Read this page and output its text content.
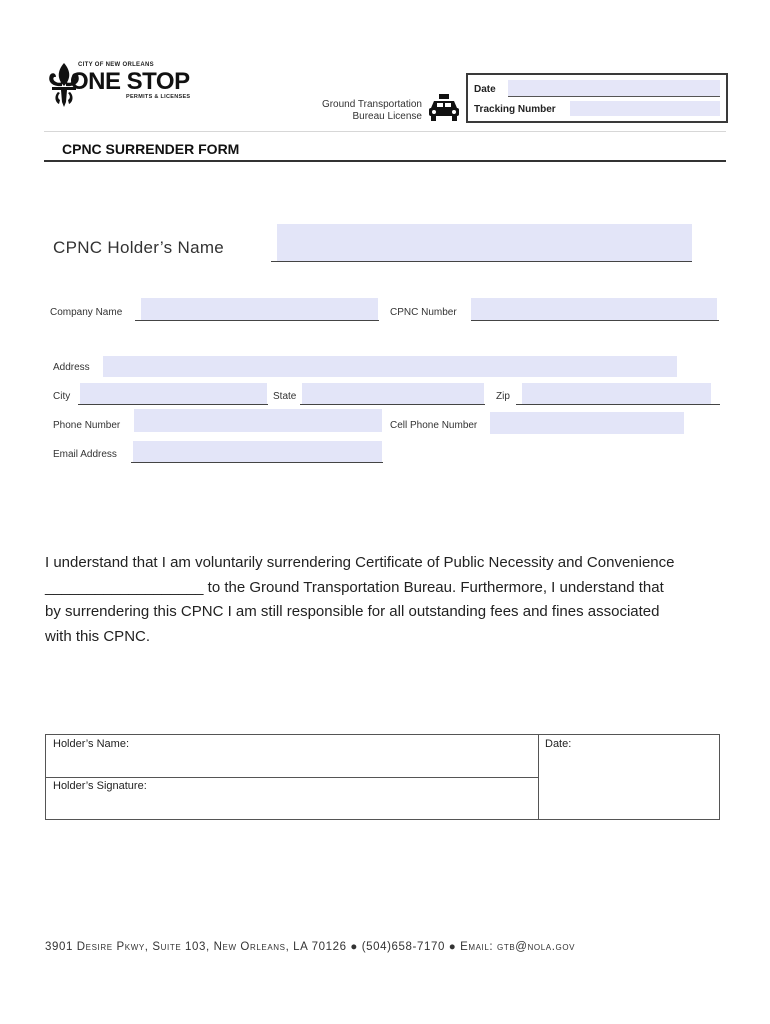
CITY OF NEW ORLEANS
ONE STOP
PERMITS & LICENSES
Ground Transportation
Bureau License
Date
Tracking Number
CPNC SURRENDER FORM
CPNC Holder’s Name
Company Name	CPNC Number
Address
City	State	Zip
Phone Number	Cell Phone Number
Email Address
I understand that I am voluntarily surrendering Certificate of Public Necessity and Convenience
___________________ to the Ground Transportation Bureau. Furthermore, I understand that
by surrendering this CPNC I am still responsible for all outstanding fees and fines associated
with this CPNC.
Holder’s Name:
Holder’s Signature:
Date:
3901 Desire Pkwy, Suite 103, New Orleans, LA 70126 ● (504)658-7170 ● Email: gtb@nola.gov
